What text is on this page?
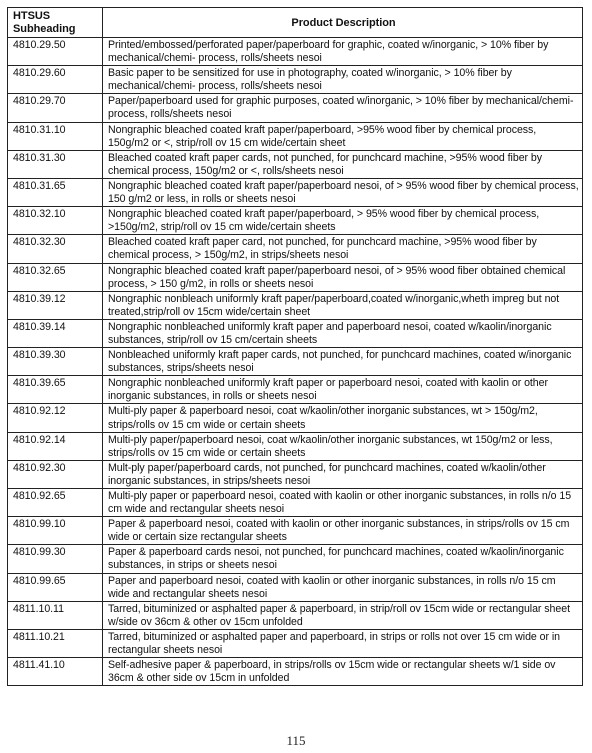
HTSUS
Subheading	Product Description
4810.29.50	Printed/embossed/perforated paper/paperboard for graphic, coated w/inorganic, > 10% fiber by mechanical/chemi- process, rolls/sheets nesoi
4810.29.60	Basic paper to be sensitized for use in photography, coated w/inorganic, > 10% fiber by mechanical/chemi- process, rolls/sheets nesoi
4810.29.70	Paper/paperboard used for graphic purposes, coated w/inorganic, > 10% fiber by mechanical/chemi- process, rolls/sheets nesoi
4810.31.10	Nongraphic bleached coated kraft paper/paperboard, >95% wood fiber by chemical process, 150g/m2 or <, strip/roll ov 15 cm wide/certain sheet
4810.31.30	Bleached coated kraft paper cards, not punched, for punchcard machine, >95% wood fiber by chemical process, 150g/m2 or <, rolls/sheets nesoi
4810.31.65	Nongraphic bleached coated kraft paper/paperboard nesoi, of > 95% wood fiber by chemical process, 150 g/m2 or less, in rolls or sheets nesoi
4810.32.10	Nongraphic bleached coated kraft paper/paperboard, > 95% wood fiber by chemical process, >150g/m2, strip/roll ov 15 cm wide/certain sheets
4810.32.30	Bleached coated kraft paper card, not punched, for punchcard machine, >95% wood fiber by chemical process, > 150g/m2, in strips/sheets nesoi
4810.32.65	Nongraphic bleached coated kraft paper/paperboard nesoi, of > 95% wood fiber obtained chemical process, > 150 g/m2, in rolls or sheets nesoi
4810.39.12	Nongraphic nonbleach uniformly kraft paper/paperboard,coated w/inorganic,wheth impreg but not treated,strip/roll ov 15cm wide/certain sheet
4810.39.14	Nongraphic nonbleached uniformly kraft paper and paperboard nesoi, coated w/kaolin/inorganic substances, strip/roll ov 15 cm/certain sheets
4810.39.30	Nonbleached uniformly kraft paper cards, not punched, for punchcard machines, coated w/inorganic substances, strips/sheets nesoi
4810.39.65	Nongraphic nonbleached uniformly kraft paper or paperboard nesoi, coated with kaolin or other inorganic substances, in rolls or sheets nesoi
4810.92.12	Multi-ply paper & paperboard nesoi, coat w/kaolin/other inorganic substances, wt > 150g/m2, strips/rolls ov 15 cm wide or certain sheets
4810.92.14	Multi-ply paper/paperboard nesoi, coat w/kaolin/other inorganic substances, wt 150g/m2 or less, strips/rolls ov 15 cm wide or certain sheets
4810.92.30	Mult-ply paper/paperboard cards, not punched, for punchcard machines, coated w/kaolin/other inorganic substances, in strips/sheets nesoi
4810.92.65	Multi-ply paper or paperboard nesoi, coated with kaolin or other inorganic substances, in rolls n/o 15 cm wide and rectangular sheets nesoi
4810.99.10	Paper & paperboard nesoi, coated with kaolin or other inorganic substances, in strips/rolls ov 15 cm wide or certain size rectangular sheets
4810.99.30	Paper & paperboard cards nesoi, not punched, for punchcard machines, coated w/kaolin/inorganic substances, in strips or sheets nesoi
4810.99.65	Paper and paperboard nesoi, coated with kaolin or other inorganic substances, in rolls n/o 15 cm wide and rectangular sheets nesoi
4811.10.11	Tarred, bituminized or asphalted paper & paperboard, in strip/roll ov 15cm wide or rectangular sheet w/side ov 36cm & other ov 15cm unfolded
4811.10.21	Tarred, bituminized or asphalted paper and paperboard, in strips or rolls not over 15 cm wide or in rectangular sheets nesoi
4811.41.10	Self-adhesive paper & paperboard, in strips/rolls ov 15cm wide or rectangular sheets w/1 side ov 36cm & other side ov 15cm in unfolded
115
